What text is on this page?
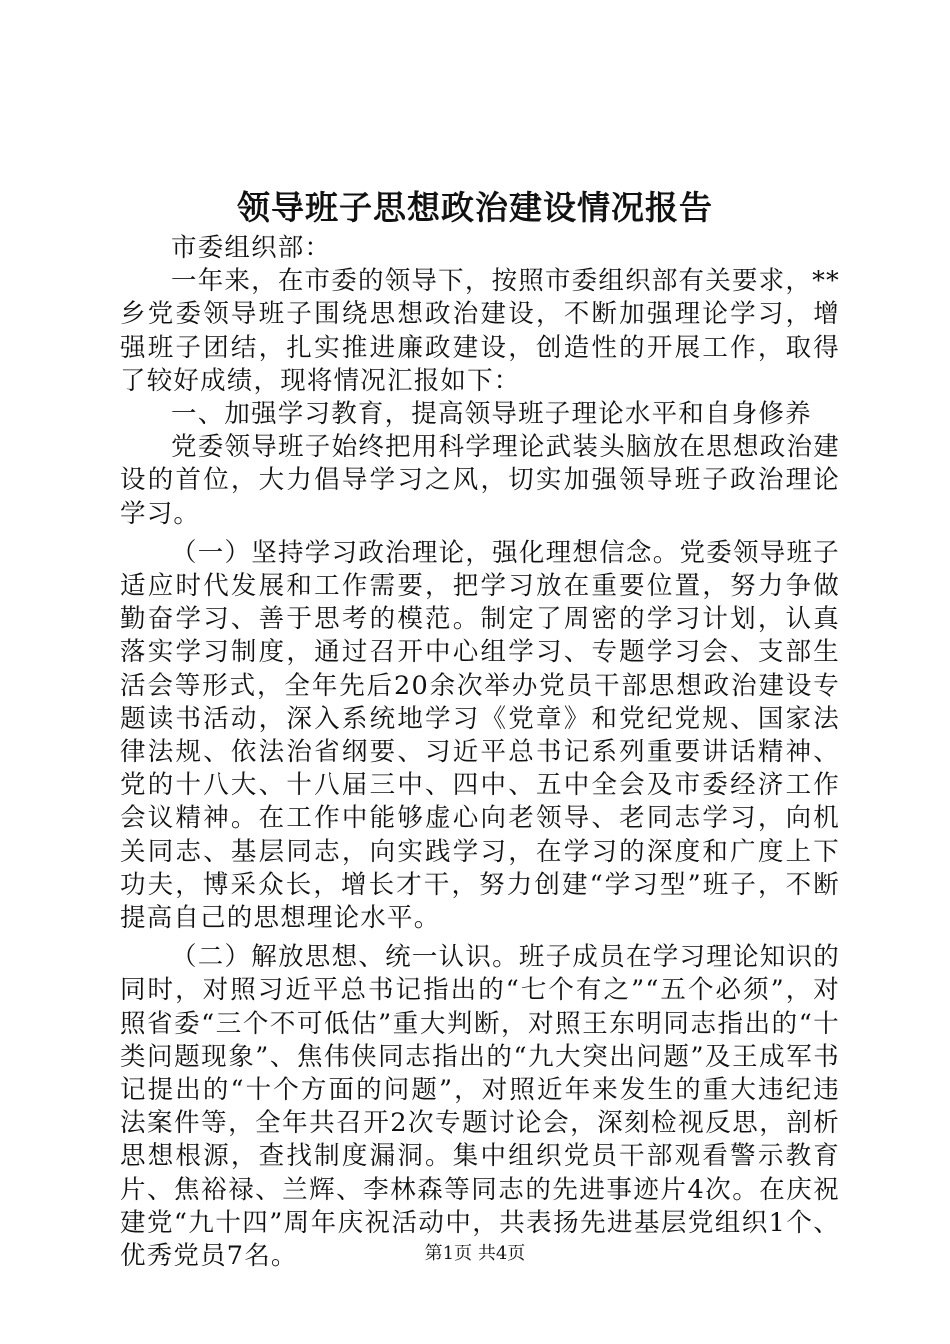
领导班子思想政治建设情况报告

市委组织部：

一年来，在市委的领导下，按照市委组织部有关要求，**乡党委领导班子围绕思想政治建设，不断加强理论学习，增强班子团结，扎实推进廉政建设，创造性的开展工作，取得了较好成绩，现将情况汇报如下：

一、加强学习教育，提高领导班子理论水平和自身修养

党委领导班子始终把用科学理论武装头脑放在思想政治建设的首位，大力倡导学习之风，切实加强领导班子政治理论学习。

（一）坚持学习政治理论，强化理想信念。党委领导班子适应时代发展和工作需要，把学习放在重要位置，努力争做勤奋学习、善于思考的模范。制定了周密的学习计划，认真落实学习制度，通过召开中心组学习、专题学习会、支部生活会等形式，全年先后20余次举办党员干部思想政治建设专题读书活动，深入系统地学习《党章》和党纪党规、国家法律法规、依法治省纲要、习近平总书记系列重要讲话精神、党的十八大、十八届三中、四中、五中全会及市委经济工作会议精神。在工作中能够虚心向老领导、老同志学习，向机关同志、基层同志，向实践学习，在学习的深度和广度上下功夫，博采众长，增长才干，努力创建“学习型”班子，不断提高自己的思想理论水平。

（二）解放思想、统一认识。班子成员在学习理论知识的同时，对照习近平总书记指出的“七个有之”“五个必须”，对照省委“三个不可低估”重大判断，对照王东明同志指出的“十类问题现象”、焦伟侠同志指出的“九大突出问题”及王成军书记提出的“十个方面的问题”，对照近年来发生的重大违纪违法案件等，全年共召开2次专题讨论会，深刻检视反思，剖析思想根源，查找制度漏洞。集中组织党员干部观看警示教育片、焦裕禄、兰辉、李林森等同志的先进事迹片4次。在庆祝建党“九十四”周年庆祝活动中，共表扬先进基层党组织1个、优秀党员7名。	第1页 共4页
